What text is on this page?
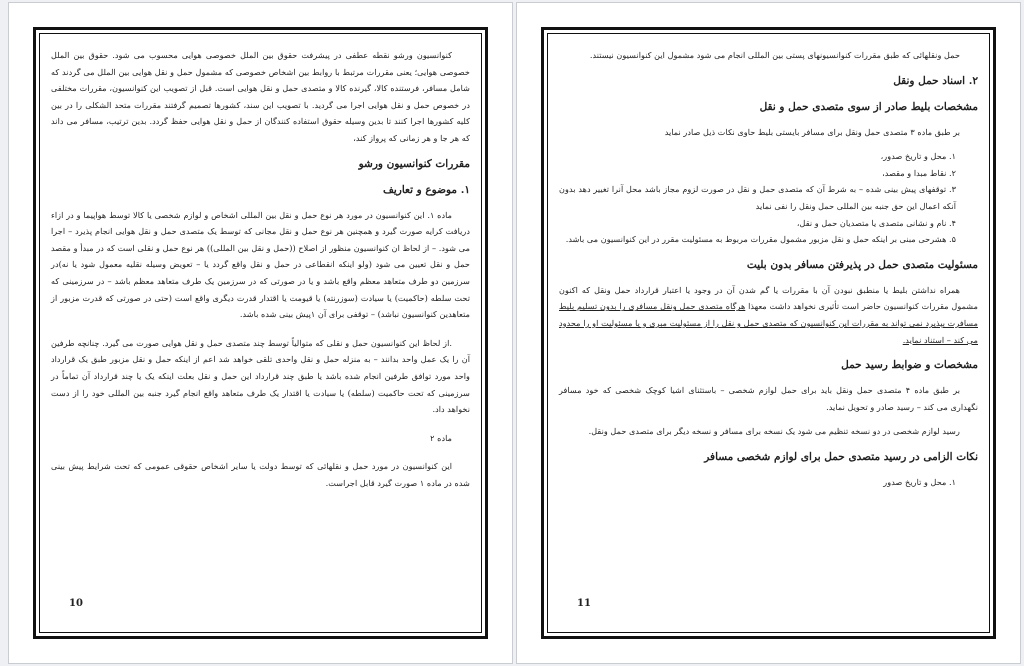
کنوانسیون ورشو نقطه عطفی در پیشرفت حقوق بین الملل خصوصی هوایی محسوب می شود. حقوق بین الملل خصوصی هوایی؛ یعنی مقررات مرتبط با روابط بین اشخاص خصوصی که مشمول حمل و نقل هوایی بین الملل می گردند که شامل مسافر، فرستنده کالا، گیرنده کالا و متصدی حمل و نقل هوایی است. قبل از تصویب این کنوانسیون، مقررات مختلفی در خصوص حمل و نقل هوایی اجرا می گردید. با تصویب این سند، کشورها تصمیم گرفتند مقررات متحد الشکلی را در بین کلیه کشورها اجرا کنند تا بدین وسیله حقوق استفاده کنندگان از حمل و نقل هوایی حفظ گردد. بدین ترتیب، مسافر می داند که هر جا و هر زمانی که پرواز کند،

مقررات کنوانسیون ورشو
۱. موضوع و تعاریف

ماده ۱. این کنوانسیون در مورد هر نوع حمل و نقل بین المللی اشخاص و لوازم شخصی یا کالا توسط هواپیما و در ازاء دریافت کرایه صورت گیرد و همچنین هر نوع حمل و نقل مجانی که توسط یک متصدی حمل و نقل هوایی انجام پذیرد – اجرا می شود. – از لحاظ ان کنوانسیون منظور از اصلاح ((حمل و نقل بین المللی)) هر نوع حمل و نقلی است که در مبدأ و مقصد حمل و نقل تعیین می شود (ولو اینکه انقطاعی در حمل و نقل واقع گردد یا – تعویض وسیله نقلیه معمول شود یا نه)در سرزمین دو طرف متعاهد معظم واقع باشد و یا در صورتی که در سرزمین یک طرف متعاهد معظم باشد – در سرزمینی که تحت سلطه (حاکمیت) یا سیادت (سوزرنته) یا قیومت یا اقتدار قدرت دیگری واقع است (حتی در صورتی که قدرت مزبور از متعاهدین کنوانسیون نباشد) – توقفی برای آن ۱پیش بینی شده باشد.

.از لحاظ این کنوانسیون حمل و نقلی که متوالیاً توسط چند متصدی حمل و نقل هوایی صورت می گیرد. چنانچه طرفین آن را یک عمل واحد بدانند – به منزله حمل و نقل واحدی تلقی خواهد شد اعم از اینکه حمل و نقل مزبور طبق یک قرارداد واحد مورد توافق طرفین انجام شده باشد یا طبق چند قرارداد این حمل و نقل بعلت اینکه یک یا چند قرارداد آن تماماً در سرزمینی که تحت حاکمیت (سلطه) یا سیادت یا اقتدار یک طرف متعاهد واقع انجام گیرد جنبه بین المللی خود را از دست نخواهد داد.

ماده ۲

این کنوانسیون در مورد حمل و نقلهائی که توسط دولت یا سایر اشخاص حقوقی عمومی که تحت شرایط پیش بینی شده در ماده ۱ صورت گیرد قابل اجراست.

10

حمل ونقلهائی که طبق مقررات کنوانسیونهای پستی بین المللی انجام می شود مشمول این کنوانسیون نیستند.

۲. اسناد حمل ونقل
مشخصات بلیط صادر از سوی متصدی حمل و نقل

بر طبق ماده ۳ متصدی حمل ونقل برای مسافر بایستی بلیط حاوی نکات ذیل صادر نماید

۱. محل و تاریخ صدور،
۲. نقاط مبدا و مقصد،
۳. توقفهای پیش بینی شده – به شرط آن که متصدی حمل و نقل در صورت لزوم مجاز باشد محل آنرا تغییر دهد بدون آنکه اعمال این حق جنبه بین المللی حمل ونقل را نفی نماید
۴. نام و نشانی متصدی یا متصدیان حمل و نقل،
۵. هشرحی مبنی بر اینکه حمل و نقل مزبور مشمول مقررات مربوط به مسئولیت مقرر در این کنوانسیون می باشد.
مسئولیت متصدی حمل در پذیرفتن مسافر بدون بلیت

همراه نداشتن بلیط یا منطبق نبودن آن با مقررات یا گم شدن آن در وجود یا اعتبار قرارداد حمل ونقل که اکنون مشمول مقررات کنوانسیون حاضر است تأثیری نخواهد داشت معهذا هرگاه متصدی حمل ونقل مسافری را بدون تسلیم بلیط مسافرت بپذیرد نمی تواند به مقررات این کنوانسیون که متصدی حمل و نقل را از مسئولیت مبری و یا مسئولیت او را محدود می کند – استناد نماید.

مشخصات و ضوابط رسید حمل

بر طبق ماده ۴ متصدی حمل ونقل باید برای حمل لوازم شخصی – باستثنای اشیا کوچک شخصی که خود مسافر نگهداری می کند – رسید صادر و تحویل نماید.

رسید لوازم شخصی در دو نسخه تنظیم می شود یک نسخه برای مسافر و نسخه دیگر برای متصدی حمل ونقل.

نکات الزامی در رسید متصدی حمل برای لوازم شخصی مسافر
۱. محل و تاریخ صدور
11
